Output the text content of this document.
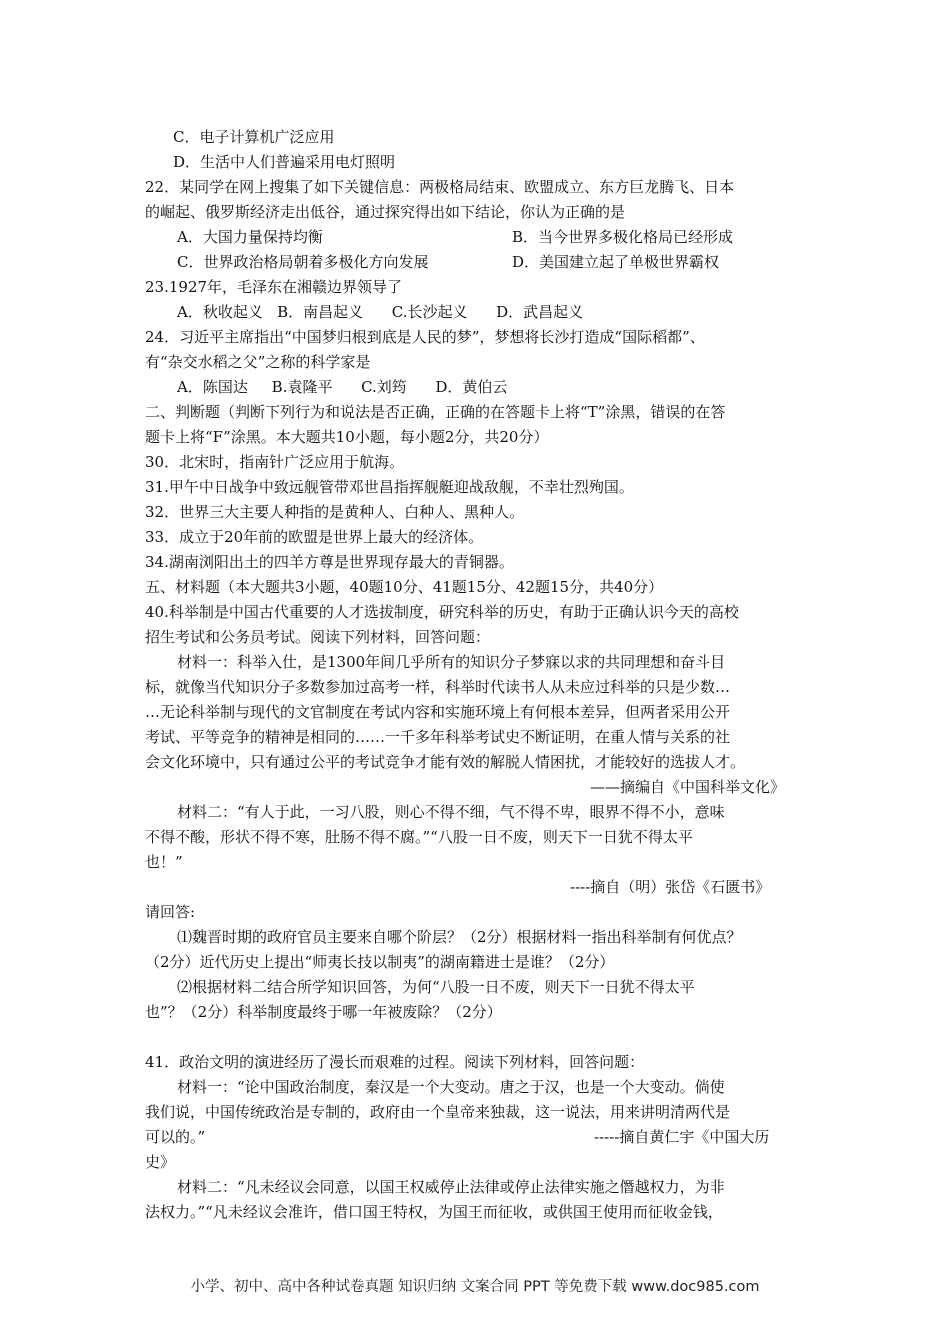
C．电子计算机广泛应用
D．生活中人们普遍采用电灯照明
22．某同学在网上搜集了如下关键信息：两极格局结束、欧盟成立、东方巨龙腾飞、日本
的崛起、俄罗斯经济走出低谷，通过探究得出如下结论，你认为正确的是
A．大国力量保持均衡	B．当今世界多极化格局已经形成
C．世界政治格局朝着多极化方向发展	D．美国建立起了单极世界霸权
23.1927年，毛泽东在湘赣边界领导了
A．秋收起义   B．南昌起义      C.长沙起义      D．武昌起义
24．习近平主席指出“中国梦归根到底是人民的梦”，梦想将长沙打造成“国际稻都”、
有“杂交水稻之父”之称的科学家是
A．陈国达     B.袁隆平      C.刘筠      D．黄伯云
二、判断题（判断下列行为和说法是否正确，正确的在答题卡上将“T”涂黑，错误的在答
题卡上将“F”涂黑。本大题共10小题，每小题2分，共20分）
30．北宋时，指南针广泛应用于航海。
31.甲午中日战争中致远舰管带邓世昌指挥舰艇迎战敌舰，不幸壮烈殉国。
32．世界三大主要人种指的是黄种人、白种人、黑种人。
33．成立于20年前的欧盟是世界上最大的经济体。
34.湖南浏阳出土的四羊方尊是世界现存最大的青铜器。
五、材料题（本大题共3小题，40题10分、41题15分、42题15分，共40分）
40.科举制是中国古代重要的人才选拔制度，研究科举的历史，有助于正确认识今天的高校
招生考试和公务员考试。阅读下列材料，回答问题：
材料一：科举入仕，是1300年间几乎所有的知识分子梦寐以求的共同理想和奋斗目
标，就像当代知识分子多数参加过高考一样，科举时代读书人从未应过科举的只是少数…
…无论科举制与现代的文官制度在考试内容和实施环境上有何根本差异，但两者采用公开
考试、平等竞争的精神是相同的……一千多年科举考试史不断证明，在重人情与关系的社
会文化环境中，只有通过公平的考试竞争才能有效的解脱人情困扰，才能较好的选拔人才。
——摘编自《中国科举文化》
材料二：“有人于此，一习八股，则心不得不细，气不得不卑，眼界不得不小，意味
不得不酸，形状不得不寒，肚肠不得不腐。”“八股一日不废，则天下一日犹不得太平
也！”
----摘自（明）张岱《石匮书》
请回答:
⑴魏晋时期的政府官员主要来自哪个阶层？（2分）根据材料一指出科举制有何优点？
（2分）近代历史上提出“师夷长技以制夷”的湖南籍进士是谁？（2分）
⑵根据材料二结合所学知识回答，为何“八股一日不废，则天下一日犹不得太平
也”？（2分）科举制度最终于哪一年被废除？（2分）
41．政治文明的演进经历了漫长而艰难的过程。阅读下列材料，回答问题：
材料一：“论中国政治制度，秦汉是一个大变动。唐之于汉，也是一个大变动。倘使
我们说，中国传统政治是专制的，政府由一个皇帝来独裁，这一说法，用来讲明清两代是
可以的。”	-----摘自黄仁宇《中国大历
史》
材料二：“凡未经议会同意，以国王权威停止法律或停止法律实施之僭越权力，为非
法权力。”“凡未经议会准许，借口国王特权，为国王而征收，或供国王使用而征收金钱，
小学、初中、高中各种试卷真题 知识归纳 文案合同 PPT 等免费下载 www.doc985.com
